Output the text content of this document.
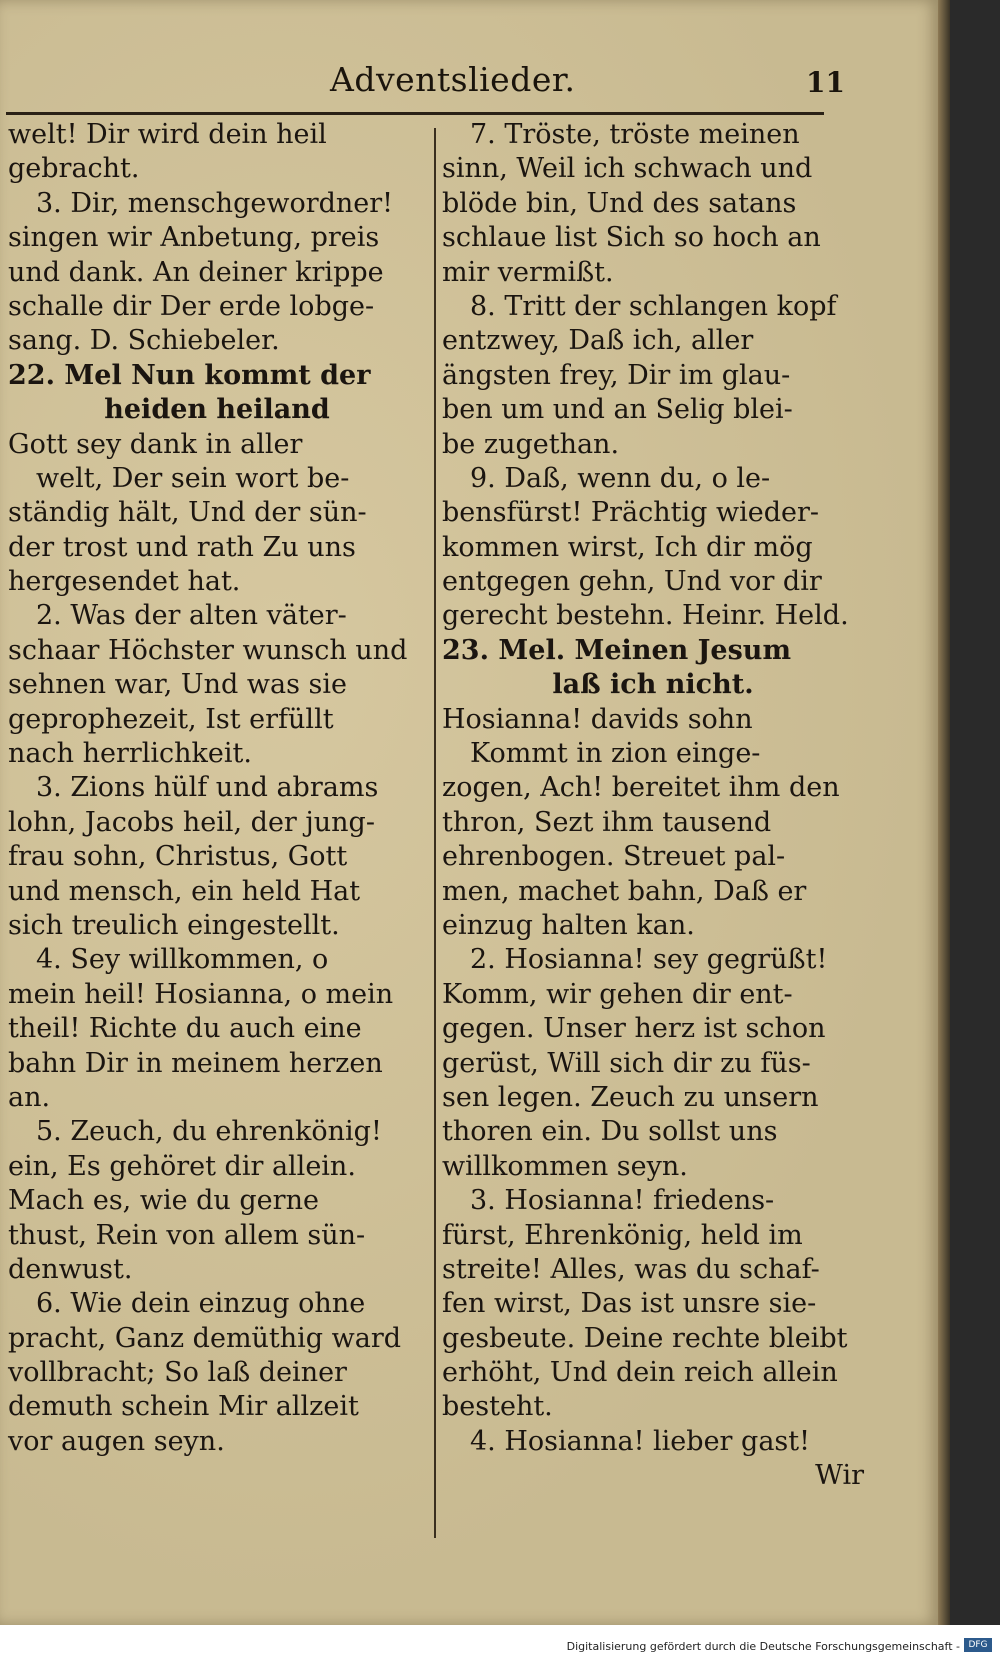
Adventslieder.	11
welt! Dir wird dein heil
gebracht.
3. Dir, menschgewordner!
singen wir Anbetung, preis
und dank. An deiner krippe
schalle dir Der erde lobge-
sang. D. Schiebeler.
22. Mel Nun kommt der
heiden heiland
Gott sey dank in aller
welt, Der sein wort be-
ständig hält, Und der sün-
der trost und rath Zu uns
hergesendet hat.
2. Was der alten väter-
schaar Höchster wunsch und
sehnen war, Und was sie
geprophezeit, Ist erfüllt
nach herrlichkeit.
3. Zions hülf und abrams
lohn, Jacobs heil, der jung-
frau sohn, Christus, Gott
und mensch, ein held Hat
sich treulich eingestellt.
4. Sey willkommen, o
mein heil! Hosianna, o mein
theil! Richte du auch eine
bahn Dir in meinem herzen
an.
5. Zeuch, du ehrenkönig!
ein, Es gehöret dir allein.
Mach es, wie du gerne
thust, Rein von allem sün-
denwust.
6. Wie dein einzug ohne
pracht, Ganz demüthig ward
vollbracht; So laß deiner
demuth schein Mir allzeit
vor augen seyn.
7. Tröste, tröste meinen
sinn, Weil ich schwach und
blöde bin, Und des satans
schlaue list Sich so hoch an
mir vermißt.
8. Tritt der schlangen kopf
entzwey, Daß ich, aller
ängsten frey, Dir im glau-
ben um und an Selig blei-
be zugethan.
9. Daß, wenn du, o le-
bensfürst! Prächtig wieder-
kommen wirst, Ich dir mög
entgegen gehn, Und vor dir
gerecht bestehn. Heinr. Held.
23. Mel. Meinen Jesum
laß ich nicht.
Hosianna! davids sohn
Kommt in zion einge-
zogen, Ach! bereitet ihm den
thron, Sezt ihm tausend
ehrenbogen. Streuet pal-
men, machet bahn, Daß er
einzug halten kan.
2. Hosianna! sey gegrüßt!
Komm, wir gehen dir ent-
gegen. Unser herz ist schon
gerüst, Will sich dir zu füs-
sen legen. Zeuch zu unsern
thoren ein. Du sollst uns
willkommen seyn.
3. Hosianna! friedens-
fürst, Ehrenkönig, held im
streite! Alles, was du schaf-
fen wirst, Das ist unsre sie-
gesbeute. Deine rechte bleibt
erhöht, Und dein reich allein
besteht.
4. Hosianna! lieber gast!
Wir
Digitalisierung gefördert durch die Deutsche Forschungsgemeinschaft - DFG
